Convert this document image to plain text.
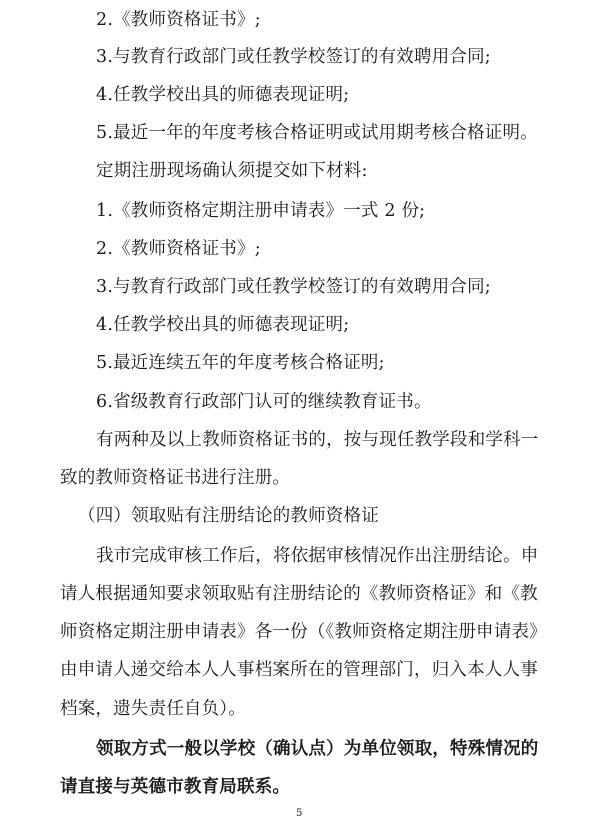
2.《教师资格证书》;
3.与教育行政部门或任教学校签订的有效聘用合同;
4.任教学校出具的师德表现证明;
5.最近一年的年度考核合格证明或试用期考核合格证明。
定期注册现场确认须提交如下材料:
1.《教师资格定期注册申请表》一式 2 份;
2.《教师资格证书》;
3.与教育行政部门或任教学校签订的有效聘用合同;
4.任教学校出具的师德表现证明;
5.最近连续五年的年度考核合格证明;
6.省级教育行政部门认可的继续教育证书。
有两种及以上教师资格证书的，按与现任教学段和学科一
致的教师资格证书进行注册。
（四）领取贴有注册结论的教师资格证
我市完成审核工作后，将依据审核情况作出注册结论。申
请人根据通知要求领取贴有注册结论的《教师资格证》和《教
师资格定期注册申请表》各一份（《教师资格定期注册申请表》
由申请人递交给本人人事档案所在的管理部门，归入本人人事
档案，遗失责任自负）。
领取方式一般以学校（确认点）为单位领取，特殊情况的
请直接与英德市教育局联系。
5
